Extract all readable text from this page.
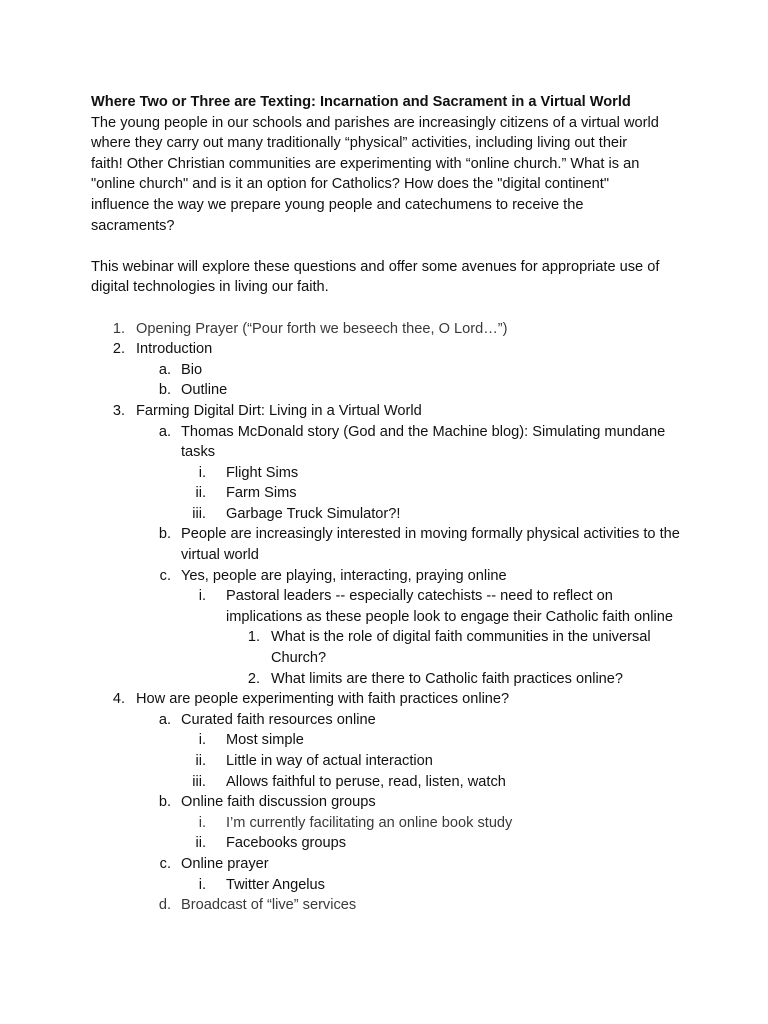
Where Two or Three are Texting: Incarnation and Sacrament in a Virtual World

The young people in our schools and parishes are increasingly citizens of a virtual world
where they carry out many traditionally “physical” activities, including living out their
faith! Other Christian communities are experimenting with “online church.” What is an
"online church" and is it an option for Catholics? How does the "digital continent"
influence the way we prepare young people and catechumens to receive the
sacraments?
This webinar will explore these questions and offer some avenues for appropriate use of
digital technologies in living our faith.
1. Opening Prayer (“Pour forth we beseech thee, O Lord…”)
2. Introduction
a. Bio
b. Outline
3. Farming Digital Dirt: Living in a Virtual World
a. Thomas McDonald story (God and the Machine blog): Simulating mundane tasks
i. Flight Sims
ii. Farm Sims
iii. Garbage Truck Simulator?!
b. People are increasingly interested in moving formally physical activities to the virtual world
c. Yes, people are playing, interacting, praying online
i. Pastoral leaders -- especially catechists -- need to reflect on implications as these people look to engage their Catholic faith online
1. What is the role of digital faith communities in the universal Church?
2. What limits are there to Catholic faith practices online?
4. How are people experimenting with faith practices online?
a. Curated faith resources online
i. Most simple
ii. Little in way of actual interaction
iii. Allows faithful to peruse, read, listen, watch
b. Online faith discussion groups
i. I’m currently facilitating an online book study
ii. Facebooks groups
c. Online prayer
i. Twitter Angelus
d. Broadcast of “live” services
